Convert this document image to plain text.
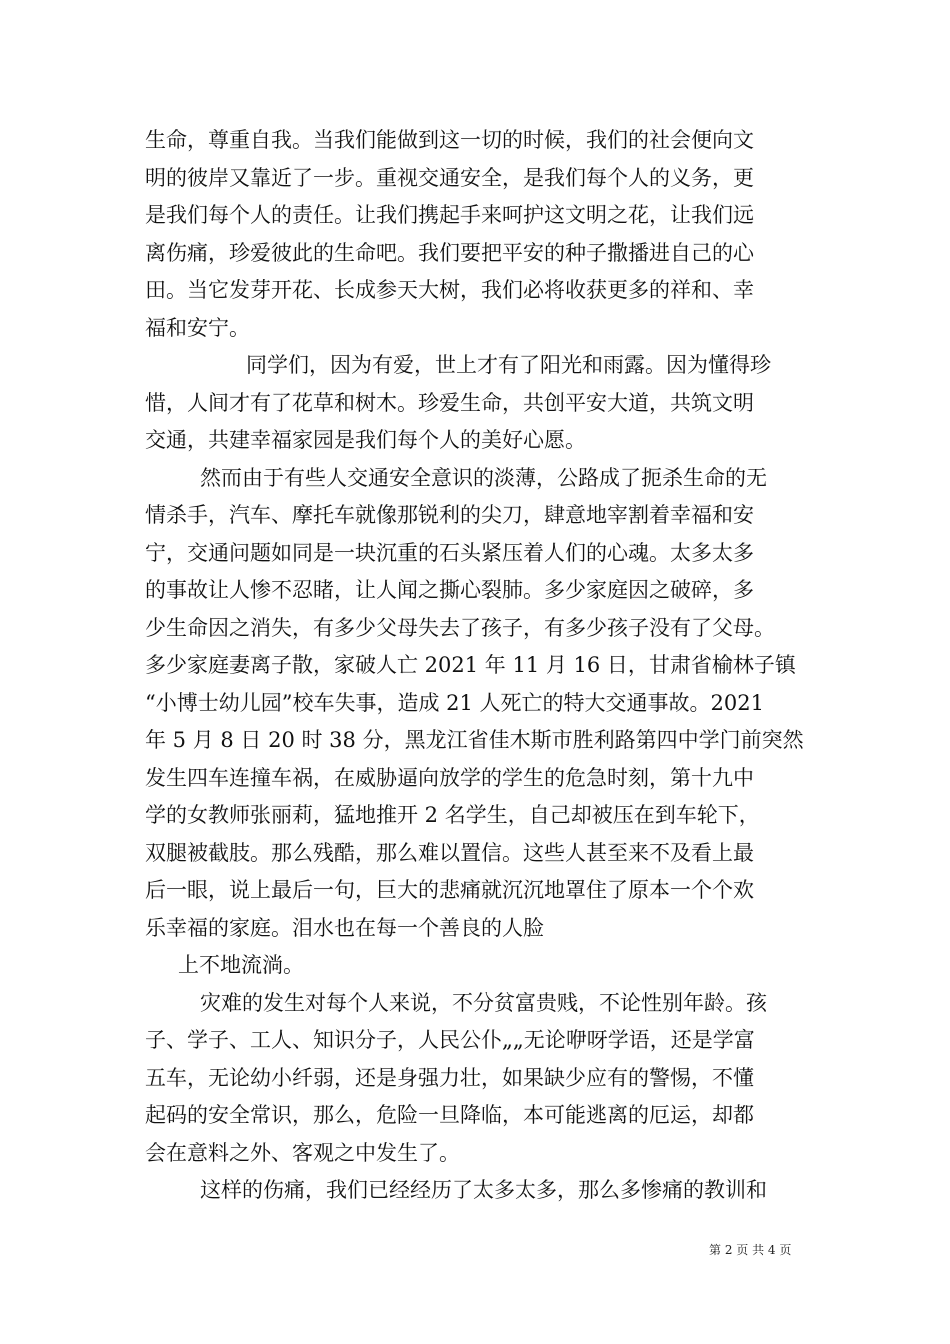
生命，尊重自我。当我们能做到这一切的时候，我们的社会便向文
明的彼岸又靠近了一步。重视交通安全，是我们每个人的义务，更
是我们每个人的责任。让我们携起手来呵护这文明之花，让我们远
离伤痛，珍爱彼此的生命吧。我们要把平安的种子撒播进自己的心
田。当它发芽开花、长成参天大树，我们必将收获更多的祥和、幸
福和安宁。
同学们，因为有爱，世上才有了阳光和雨露。因为懂得珍
惜，人间才有了花草和树木。珍爱生命，共创平安大道，共筑文明
交通，共建幸福家园是我们每个人的美好心愿。
然而由于有些人交通安全意识的淡薄，公路成了扼杀生命的无
情杀手，汽车、摩托车就像那锐利的尖刀，肆意地宰割着幸福和安
宁，交通问题如同是一块沉重的石头紧压着人们的心魂。太多太多
的事故让人惨不忍睹，让人闻之撕心裂肺。多少家庭因之破碎，多
少生命因之消失，有多少父母失去了孩子，有多少孩子没有了父母。
多少家庭妻离子散，家破人亡 2021 年 11 月 16 日，甘肃省榆林子镇
“小博士幼儿园”校车失事，造成 21 人死亡的特大交通事故。2021
年 5 月 8 日 20 时 38 分，黑龙江省佳木斯市胜利路第四中学门前突然
发生四车连撞车祸，在威胁逼向放学的学生的危急时刻，第十九中
学的女教师张丽莉，猛地推开 2 名学生，自己却被压在到车轮下，
双腿被截肢。那么残酷，那么难以置信。这些人甚至来不及看上最
后一眼，说上最后一句，巨大的悲痛就沉沉地罩住了原本一个个欢
乐幸福的家庭。泪水也在每一个善良的人脸
上不地流淌。
灾难的发生对每个人来说，不分贫富贵贱，不论性别年龄。孩
子、学子、工人、知识分子，人民公仆„„无论咿呀学语，还是学富
五车，无论幼小纤弱，还是身强力壮，如果缺少应有的警惕，不懂
起码的安全常识，那么，危险一旦降临，本可能逃离的厄运，却都
会在意料之外、客观之中发生了。
这样的伤痛，我们已经经历了太多太多，那么多惨痛的教训和
第 2 页 共 4 页
